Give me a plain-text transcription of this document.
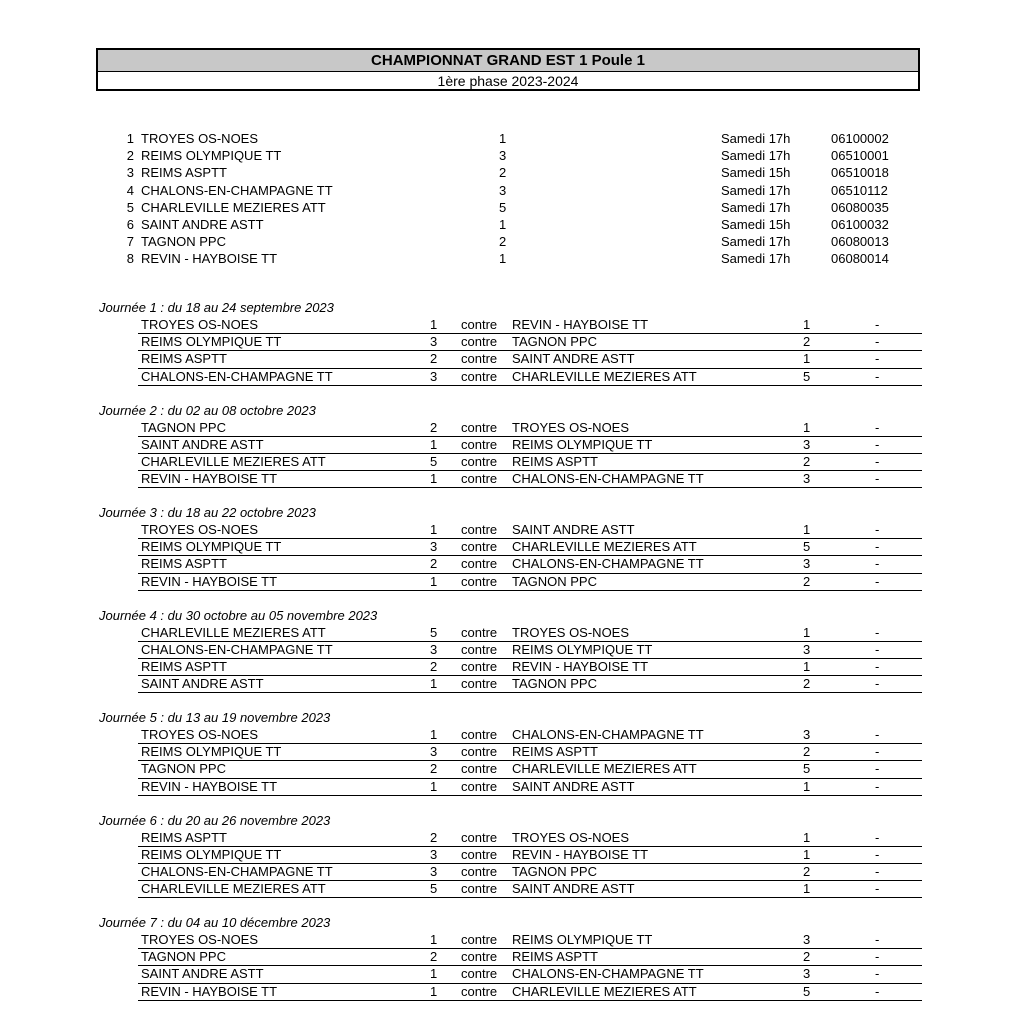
CHAMPIONNAT GRAND EST 1 Poule 1
1ère phase 2023-2024
1 TROYES OS-NOES	1	Samedi 17h	06100002
2 REIMS OLYMPIQUE TT	3	Samedi 17h	06510001
3 REIMS ASPTT	2	Samedi 15h	06510018
4 CHALONS-EN-CHAMPAGNE TT	3	Samedi 17h	06510112
5 CHARLEVILLE MEZIERES ATT	5	Samedi 17h	06080035
6 SAINT ANDRE ASTT	1	Samedi 15h	06100032
7 TAGNON PPC	2	Samedi 17h	06080013
8 REVIN - HAYBOISE TT	1	Samedi 17h	06080014
Journée 1 : du 18 au 24 septembre 2023
TROYES OS-NOES	1 contre REVIN - HAYBOISE TT	1	-
REIMS OLYMPIQUE TT	3 contre TAGNON PPC	2	-
REIMS ASPTT	2 contre SAINT ANDRE ASTT	1	-
CHALONS-EN-CHAMPAGNE TT	3 contre CHARLEVILLE MEZIERES ATT	5	-
Journée 2 : du 02 au 08 octobre 2023
TAGNON PPC	2 contre TROYES OS-NOES	1	-
SAINT ANDRE ASTT	1 contre REIMS OLYMPIQUE TT	3	-
CHARLEVILLE MEZIERES ATT	5 contre REIMS ASPTT	2	-
REVIN - HAYBOISE TT	1 contre CHALONS-EN-CHAMPAGNE TT	3	-
Journée 3 : du 18 au 22 octobre 2023
TROYES OS-NOES	1 contre SAINT ANDRE ASTT	1	-
REIMS OLYMPIQUE TT	3 contre CHARLEVILLE MEZIERES ATT	5	-
REIMS ASPTT	2 contre CHALONS-EN-CHAMPAGNE TT	3	-
REVIN - HAYBOISE TT	1 contre TAGNON PPC	2	-
Journée 4 : du 30 octobre au 05 novembre 2023
CHARLEVILLE MEZIERES ATT	5 contre TROYES OS-NOES	1	-
CHALONS-EN-CHAMPAGNE TT	3 contre REIMS OLYMPIQUE TT	3	-
REIMS ASPTT	2 contre REVIN - HAYBOISE TT	1	-
SAINT ANDRE ASTT	1 contre TAGNON PPC	2	-
Journée 5 : du 13 au 19 novembre 2023
TROYES OS-NOES	1 contre CHALONS-EN-CHAMPAGNE TT	3	-
REIMS OLYMPIQUE TT	3 contre REIMS ASPTT	2	-
TAGNON PPC	2 contre CHARLEVILLE MEZIERES ATT	5	-
REVIN - HAYBOISE TT	1 contre SAINT ANDRE ASTT	1	-
Journée 6 : du 20 au 26 novembre 2023
REIMS ASPTT	2 contre TROYES OS-NOES	1	-
REIMS OLYMPIQUE TT	3 contre REVIN - HAYBOISE TT	1	-
CHALONS-EN-CHAMPAGNE TT	3 contre TAGNON PPC	2	-
CHARLEVILLE MEZIERES ATT	5 contre SAINT ANDRE ASTT	1	-
Journée 7 : du 04 au 10 décembre 2023
TROYES OS-NOES	1 contre REIMS OLYMPIQUE TT	3	-
TAGNON PPC	2 contre REIMS ASPTT	2	-
SAINT ANDRE ASTT	1 contre CHALONS-EN-CHAMPAGNE TT	3	-
REVIN - HAYBOISE TT	1 contre CHARLEVILLE MEZIERES ATT	5	-
